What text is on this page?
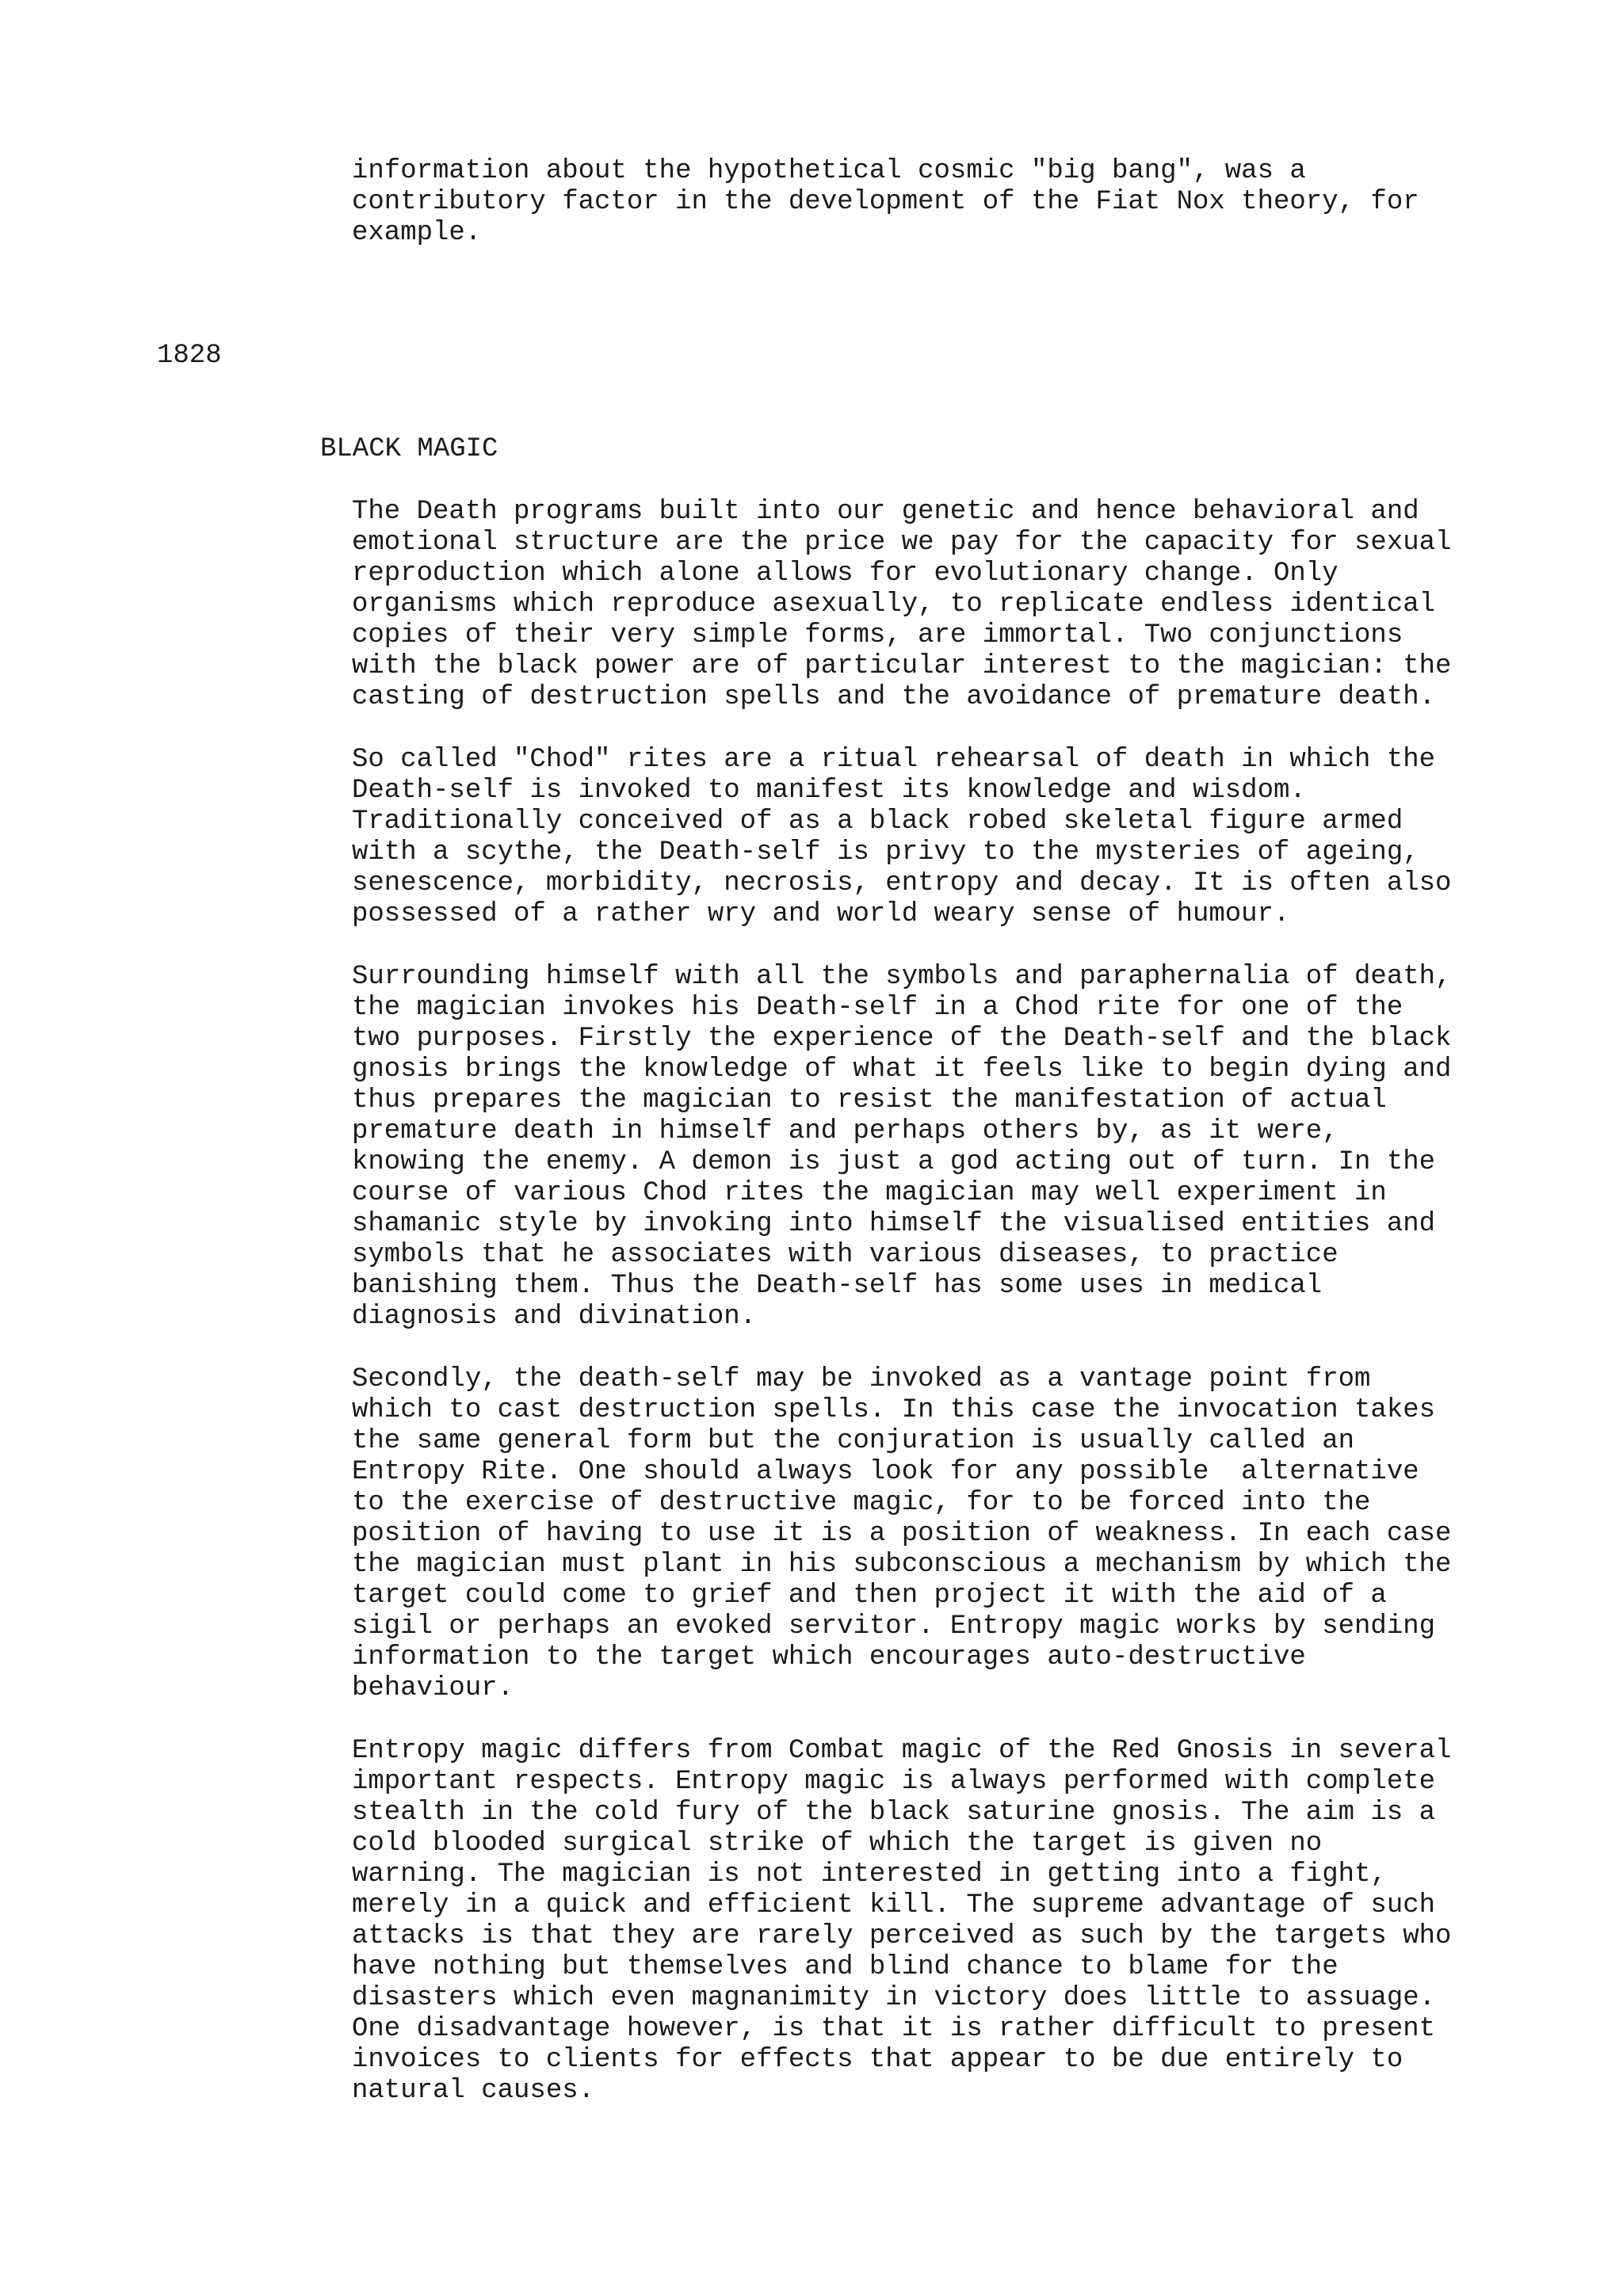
information about the hypothetical cosmic "big bang", was a
contributory factor in the development of the Fiat Nox theory, for
example.
1828
BLACK MAGIC
The Death programs built into our genetic and hence behavioral and
emotional structure are the price we pay for the capacity for sexual
reproduction which alone allows for evolutionary change. Only
organisms which reproduce asexually, to replicate endless identical
copies of their very simple forms, are immortal. Two conjunctions
with the black power are of particular interest to the magician: the
casting of destruction spells and the avoidance of premature death.
So called "Chod" rites are a ritual rehearsal of death in which the
Death-self is invoked to manifest its knowledge and wisdom.
Traditionally conceived of as a black robed skeletal figure armed
with a scythe, the Death-self is privy to the mysteries of ageing,
senescence, morbidity, necrosis, entropy and decay. It is often also
possessed of a rather wry and world weary sense of humour.
Surrounding himself with all the symbols and paraphernalia of death,
the magician invokes his Death-self in a Chod rite for one of the
two purposes. Firstly the experience of the Death-self and the black
gnosis brings the knowledge of what it feels like to begin dying and
thus prepares the magician to resist the manifestation of actual
premature death in himself and perhaps others by, as it were,
knowing the enemy. A demon is just a god acting out of turn. In the
course of various Chod rites the magician may well experiment in
shamanic style by invoking into himself the visualised entities and
symbols that he associates with various diseases, to practice
banishing them. Thus the Death-self has some uses in medical
diagnosis and divination.
Secondly, the death-self may be invoked as a vantage point from
which to cast destruction spells. In this case the invocation takes
the same general form but the conjuration is usually called an
Entropy Rite. One should always look for any possible  alternative
to the exercise of destructive magic, for to be forced into the
position of having to use it is a position of weakness. In each case
the magician must plant in his subconscious a mechanism by which the
target could come to grief and then project it with the aid of a
sigil or perhaps an evoked servitor. Entropy magic works by sending
information to the target which encourages auto-destructive
behaviour.
Entropy magic differs from Combat magic of the Red Gnosis in several
important respects. Entropy magic is always performed with complete
stealth in the cold fury of the black saturine gnosis. The aim is a
cold blooded surgical strike of which the target is given no
warning. The magician is not interested in getting into a fight,
merely in a quick and efficient kill. The supreme advantage of such
attacks is that they are rarely perceived as such by the targets who
have nothing but themselves and blind chance to blame for the
disasters which even magnanimity in victory does little to assuage.
One disadvantage however, is that it is rather difficult to present
invoices to clients for effects that appear to be due entirely to
natural causes.
